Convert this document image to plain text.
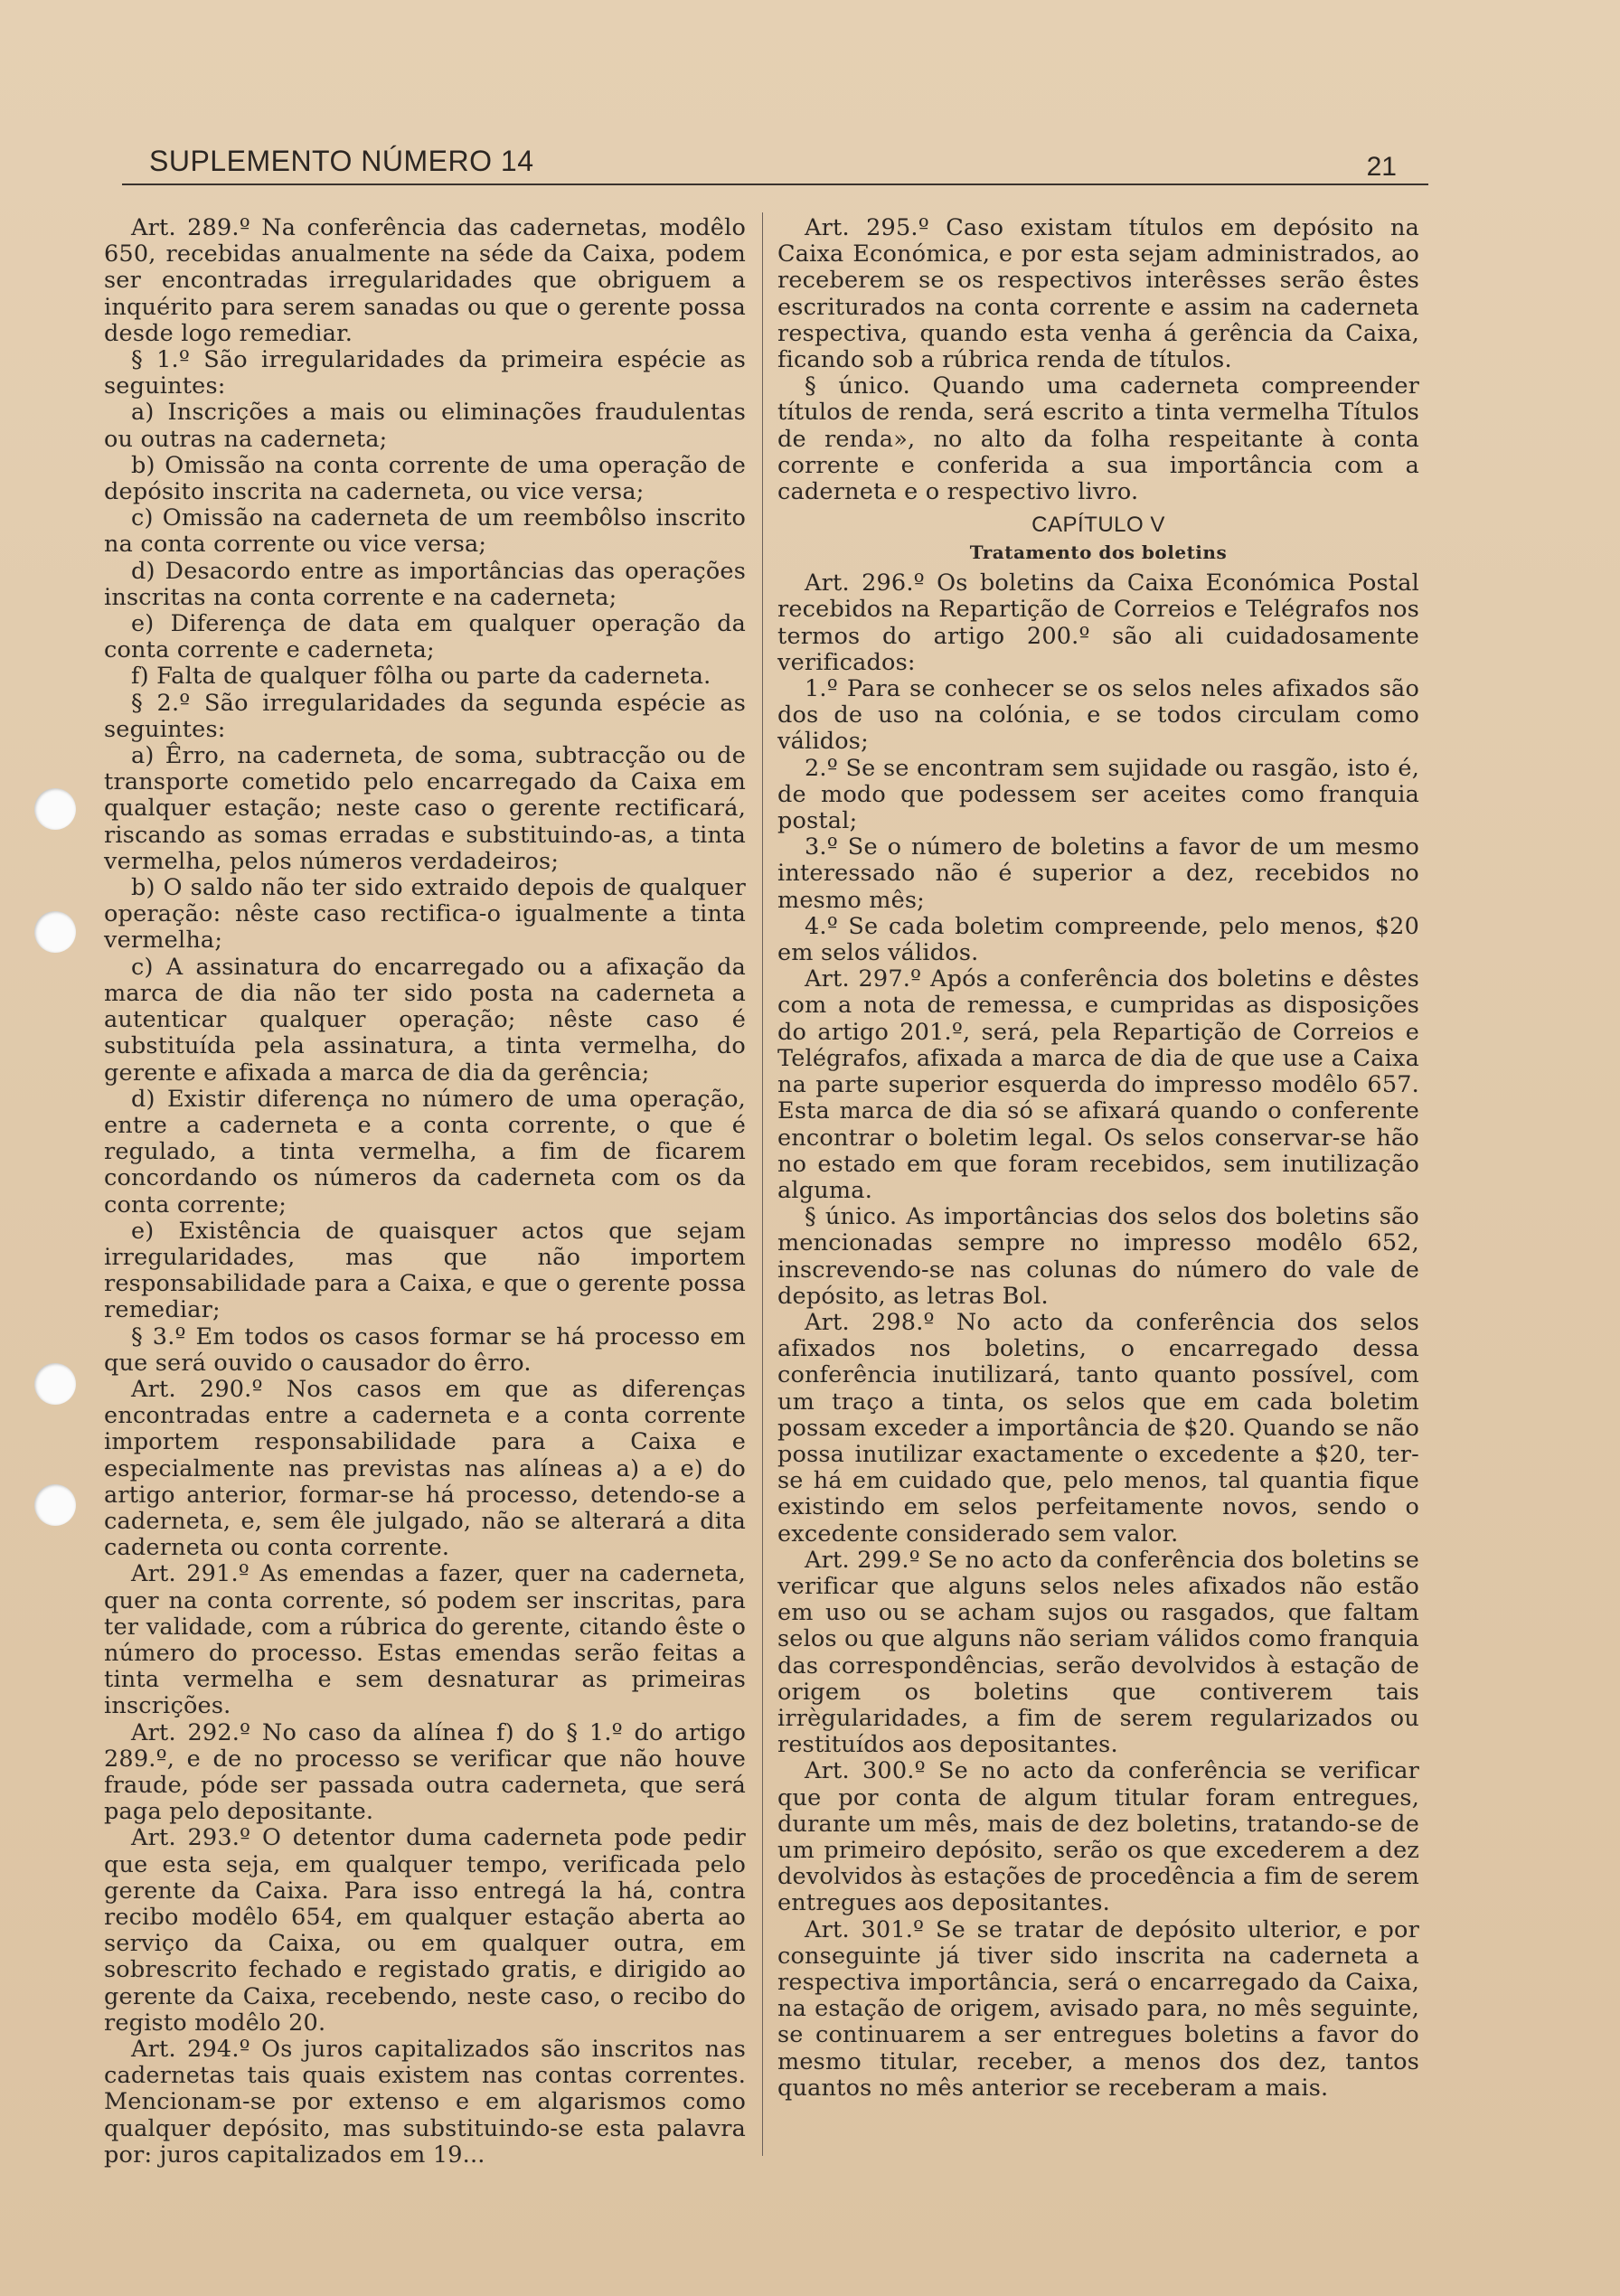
SUPLEMENTO NÚMERO 14	21

Art. 289.º Na conferência das cadernetas, modêlo 650, recebidas anualmente na séde da Caixa, podem ser encontradas irregularidades que obriguem a inquérito para serem sanadas ou que o gerente possa desde logo remediar.

§ 1.º São irregularidades da primeira espécie as seguintes:

a) Inscrições a mais ou eliminações fraudulentas ou outras na caderneta;

b) Omissão na conta corrente de uma operação de depósito inscrita na caderneta, ou vice versa;

c) Omissão na caderneta de um reembôlso inscrito na conta corrente ou vice versa;

d) Desacordo entre as importâncias das operações inscritas na conta corrente e na caderneta;

e) Diferença de data em qualquer operação da conta corrente e caderneta;

f) Falta de qualquer fôlha ou parte da caderneta.

§ 2.º São irregularidades da segunda espécie as seguintes:

a) Êrro, na caderneta, de soma, subtracção ou de transporte cometido pelo encarregado da Caixa em qualquer estação; neste caso o gerente rectificará, riscando as somas erradas e substituindo-as, a tinta vermelha, pelos números verdadeiros;

b) O saldo não ter sido extraido depois de qualquer operação: nêste caso rectifica-o igualmente a tinta vermelha;

c) A assinatura do encarregado ou a afixação da marca de dia não ter sido posta na caderneta a autenticar qualquer operação; nêste caso é substituída pela assinatura, a tinta vermelha, do gerente e afixada a marca de dia da gerência;

d) Existir diferença no número de uma operação, entre a caderneta e a conta corrente, o que é regulado, a tinta vermelha, a fim de ficarem concordando os números da caderneta com os da conta corrente;

e) Existência de quaisquer actos que sejam irregularidades, mas que não importem responsabilidade para a Caixa, e que o gerente possa remediar;

§ 3.º Em todos os casos formar se há processo em que será ouvido o causador do êrro.

Art. 290.º Nos casos em que as diferenças encontradas entre a caderneta e a conta corrente importem responsabilidade para a Caixa e especialmente nas previstas nas alíneas a) a e) do artigo anterior, formar-se há processo, detendo-se a caderneta, e, sem êle julgado, não se alterará a dita caderneta ou conta corrente.

Art. 291.º As emendas a fazer, quer na caderneta, quer na conta corrente, só podem ser inscritas, para ter validade, com a rúbrica do gerente, citando êste o número do processo. Estas emendas serão feitas a tinta vermelha e sem desnaturar as primeiras inscrições.

Art. 292.º No caso da alínea f) do § 1.º do artigo 289.º, e de no processo se verificar que não houve fraude, póde ser passada outra caderneta, que será paga pelo depositante.

Art. 293.º O detentor duma caderneta pode pedir que esta seja, em qualquer tempo, verificada pelo gerente da Caixa. Para isso entregá la há, contra recibo modêlo 654, em qualquer estação aberta ao serviço da Caixa, ou em qualquer outra, em sobrescrito fechado e registado gratis, e dirigido ao gerente da Caixa, recebendo, neste caso, o recibo do registo modêlo 20.

Art. 294.º Os juros capitalizados são inscritos nas cadernetas tais quais existem nas contas correntes. Mencionam-se por extenso e em algarismos como qualquer depósito, mas substituindo-se esta palavra por: juros capitalizados em 19...

Art. 295.º Caso existam títulos em depósito na Caixa Económica, e por esta sejam administrados, ao receberem se os respectivos interêsses serão êstes escriturados na conta corrente e assim na caderneta respectiva, quando esta venha á gerência da Caixa, ficando sob a rúbrica renda de títulos.

§ único. Quando uma caderneta compreender títulos de renda, será escrito a tinta vermelha Títulos de renda», no alto da folha respeitante à conta corrente e conferida a sua importância com a caderneta e o respectivo livro.

CAPÍTULO V
Tratamento dos boletins

Art. 296.º Os boletins da Caixa Económica Postal recebidos na Repartição de Correios e Telégrafos nos termos do artigo 200.º são ali cuidadosamente verificados:

1.º Para se conhecer se os selos neles afixados são dos de uso na colónia, e se todos circulam como válidos;

2.º Se se encontram sem sujidade ou rasgão, isto é, de modo que podessem ser aceites como franquia postal;

3.º Se o número de boletins a favor de um mesmo interessado não é superior a dez, recebidos no mesmo mês;

4.º Se cada boletim compreende, pelo menos, $20 em selos válidos.

Art. 297.º Após a conferência dos boletins e dêstes com a nota de remessa, e cumpridas as disposições do artigo 201.º, será, pela Repartição de Correios e Telégrafos, afixada a marca de dia de que use a Caixa na parte superior esquerda do impresso modêlo 657. Esta marca de dia só se afixará quando o conferente encontrar o boletim legal. Os selos conservar-se hão no estado em que foram recebidos, sem inutilização alguma.

§ único. As importâncias dos selos dos boletins são mencionadas sempre no impresso modêlo 652, inscrevendo-se nas colunas do número do vale de depósito, as letras Bol.

Art. 298.º No acto da conferência dos selos afixados nos boletins, o encarregado dessa conferência inutilizará, tanto quanto possível, com um traço a tinta, os selos que em cada boletim possam exceder a importância de $20. Quando se não possa inutilizar exactamente o excedente a $20, ter-se há em cuidado que, pelo menos, tal quantia fique existindo em selos perfeitamente novos, sendo o excedente considerado sem valor.

Art. 299.º Se no acto da conferência dos boletins se verificar que alguns selos neles afixados não estão em uso ou se acham sujos ou rasgados, que faltam selos ou que alguns não seriam válidos como franquia das correspondências, serão devolvidos à estação de origem os boletins que contiverem tais irrègularidades, a fim de serem regularizados ou restituídos aos depositantes.

Art. 300.º Se no acto da conferência se verificar que por conta de algum titular foram entregues, durante um mês, mais de dez boletins, tratando-se de um primeiro depósito, serão os que excederem a dez devolvidos às estações de procedência a fim de serem entregues aos depositantes.

Art. 301.º Se se tratar de depósito ulterior, e por conseguinte já tiver sido inscrita na caderneta a respectiva importância, será o encarregado da Caixa, na estação de origem, avisado para, no mês seguinte, se continuarem a ser entregues boletins a favor do mesmo titular, receber, a menos dos dez, tantos quantos no mês anterior se receberam a mais.
